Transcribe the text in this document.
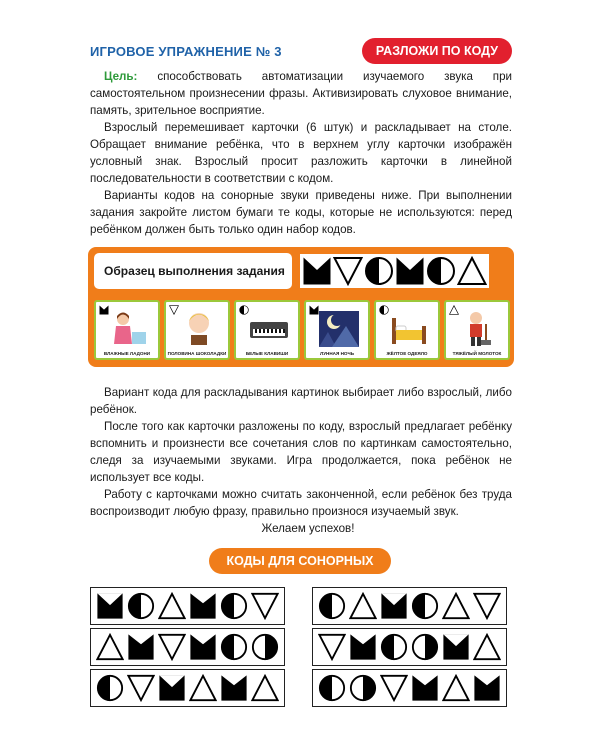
ИГРОВОЕ УПРАЖНЕНИЕ № 3	РАЗЛОЖИ ПО КОДУ

Цель: способствовать автоматизации изучаемого звука при самостоятельном произнесении фразы. Активизировать слуховое внимание, память, зрительное восприятие.

Взрослый перемешивает карточки (6 штук) и раскладывает на столе. Обращает внимание ребёнка, что в верхнем углу карточки изображён условный знак. Взрослый просит разложить карточки в линейной последовательности в соответствии с кодом.

Варианты кодов на сонорные звуки приведены ниже. При выполнении задания закройте листом бумаги те коды, которые не используются: перед ребёнком должен быть только один набор кодов.

Образец выполнения задания
ВЛАЖНЫЕ ЛАДОНИ	ПОЛОВИНА ШОКОЛАДКИ	БЕЛЫЕ КЛАВИШИ	ЛУННАЯ НОЧЬ	ЖЁЛТОЕ ОДЕЯЛО	ТЯЖЁЛЫЙ МОЛОТОК

Вариант кода для раскладывания картинок выбирает либо взрослый, либо ребёнок.

После того как карточки разложены по коду, взрослый предлагает ребёнку вспомнить и произнести все сочетания слов по картинкам самостоятельно, следя за изучаемыми звуками. Игра продолжается, пока ребёнок не использует все коды.

Работу с карточками можно считать законченной, если ребёнок без труда воспроизводит любую фразу, правильно произнося изучаемый звук.

Желаем успехов!

КОДЫ ДЛЯ СОНОРНЫХ
